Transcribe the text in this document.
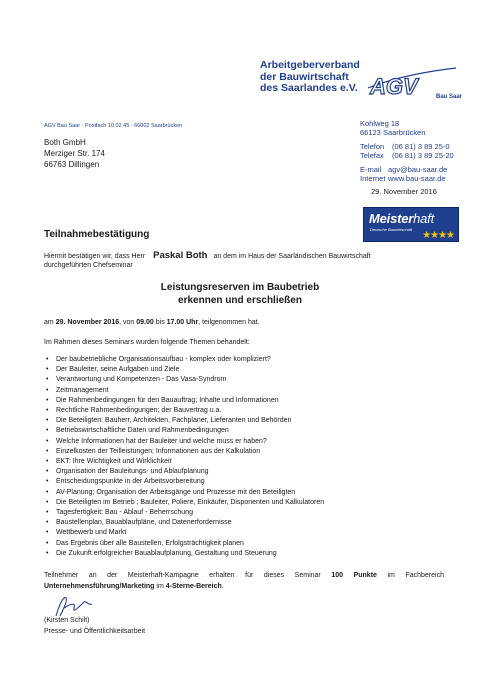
Arbeitgeberverband
der Bauwirtschaft
des Saarlandes e.V. AGV	Bau Saar
AGV Bau Saar · Postfach 10 02 45 · 66002 Saarbrücken
Both GmbH
Merziger Str. 174
66763 Dillingen
Kohlweg 18
66123 Saarbrücken
Telefon (06 81) 3 89 25-0
Telefax (06 81) 3 89 25-20
E-mail agv@bau-saar.de
Internet www.bau-saar.de
29. November 2016
Meisterhaft
Deutsche Bauwirtschaft
★★★★
Teilnahmebestätigung
Hiermit bestätigen wir, dass Herr Paskal Both an dem im Haus der Saarländischen Bauwirtschaft
durchgeführten Chefseminar
Leistungsreserven im Baubetrieb
erkennen und erschließen
am 29. November 2016, von 09.00 bis 17.00 Uhr, teilgenommen hat.
Im Rahmen dieses Seminars wurden folgende Themen behandelt:
• Der baubetriebliche Organisationsaufbau - komplex oder kompliziert?
• Der Bauleiter, seine Aufgaben und Ziele
• Verantwortung und Kompetenzen - Das Vasa-Syndrom
• Zeitmanagement
• Die Rahmenbedingungen für den Bauauftrag; Inhalte und Informationen
• Rechtliche Rahmenbedingungen; der Bauvertrag u.a.
• Die Beteiligten: Bauherr, Architekten, Fachplaner, Lieferanten und Behörden
• Betriebswirtschaftliche Daten und Rahmenbedingungen
• Welche Informationen hat der Bauleiter und welche muss er haben?
• Einzelkosten der Teilleistungen; Informationen aus der Kalkulation
• EKT: Ihre Wichtigkeit und Wirklichkeit
• Organisation der Bauleitungs- und Ablaufplanung
• Entscheidungspunkte in der Arbeitsvorbereitung
• AV-Planung; Organisation der Arbeitsgänge und Prozesse mit den Beteiligten
• Die Beteiligten im Betrieb ; Bauleiter, Poliere, Einkäufer, Disponenten und Kalkulatoren
• Tagesfertigkeit: Bau - Ablauf - Beherrschung
• Baustellenplan, Bauablaufpläne, und Datenerfordernisse
• Wettbewerb und Markt
• Das Ergebnis über alle Baustellen, Erfolgsträchtigkeit planen
• Die Zukunft erfolgreicher Bauablaufplanung, Gestaltung und Steuerung
Teilnehmer an der Meisterhaft-Kampagne erhalten für dieses Seminar 100 Punkte im Fachbereich Unternehmensführung/Marketing im 4-Sterne-Bereich.
(Kirsten Schilt)
Presse- und Öffentlichkeitsarbeit
